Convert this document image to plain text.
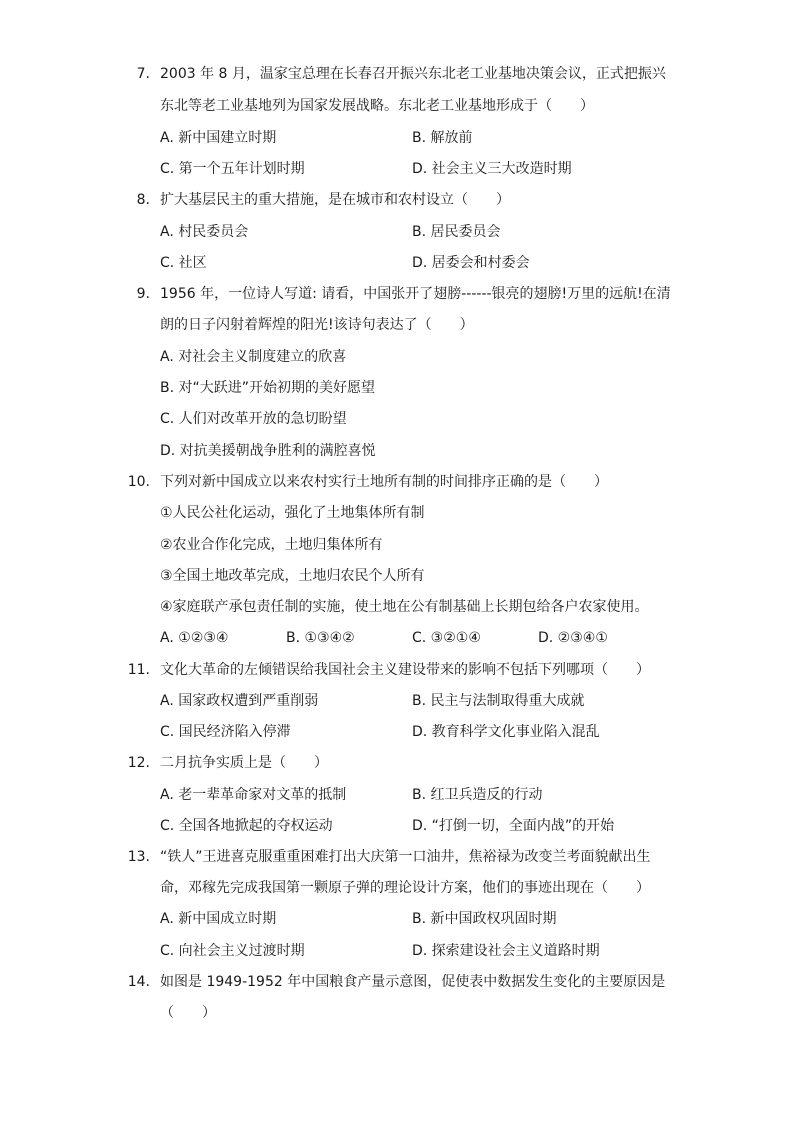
7. 2003 年 8 月，温家宝总理在长春召开振兴东北老工业基地决策会议，正式把振兴
东北等老工业基地列为国家发展战略。东北老工业基地形成于（　　）
A. 新中国建立时期	B. 解放前
C. 第一个五年计划时期	D. 社会主义三大改造时期
8. 扩大基层民主的重大措施，是在城市和农村设立（　　）
A. 村民委员会	B. 居民委员会
C. 社区	D. 居委会和村委会
9. 1956 年，一位诗人写道: 请看，中国张开了翅膀------银亮的翅膀!万里的远航!在清
朗的日子闪射着辉煌的阳光!该诗句表达了（　　）
A. 对社会主义制度建立的欣喜
B. 对“大跃进”开始初期的美好愿望
C. 人们对改革开放的急切盼望
D. 对抗美援朝战争胜利的满腔喜悦
10. 下列对新中国成立以来农村实行土地所有制的时间排序正确的是（　　）
①人民公社化运动，强化了土地集体所有制
②农业合作化完成，土地归集体所有
③全国土地改革完成，土地归农民个人所有
④家庭联产承包责任制的实施，使土地在公有制基础上长期包给各户农家使用。
A. ①②③④	B. ①③④②	C. ③②①④	D. ②③④①
11. 文化大革命的左倾错误给我国社会主义建设带来的影响不包括下列哪项（　　）
A. 国家政权遭到严重削弱	B. 民主与法制取得重大成就
C. 国民经济陷入停滞	D. 教育科学文化事业陷入混乱
12. 二月抗争实质上是（　　）
A. 老一辈革命家对文革的抵制	B. 红卫兵造反的行动
C. 全国各地掀起的夺权运动	D. “打倒一切，全面内战”的开始
13. “铁人”王进喜克服重重困难打出大庆第一口油井，焦裕禄为改变兰考面貌献出生
命，邓稼先完成我国第一颗原子弹的理论设计方案，他们的事迹出现在（　　）
A. 新中国成立时期	B. 新中国政权巩固时期
C. 向社会主义过渡时期	D. 探索建设社会主义道路时期
14. 如图是 1949-1952 年中国粮食产量示意图，促使表中数据发生变化的主要原因是
（　　）
